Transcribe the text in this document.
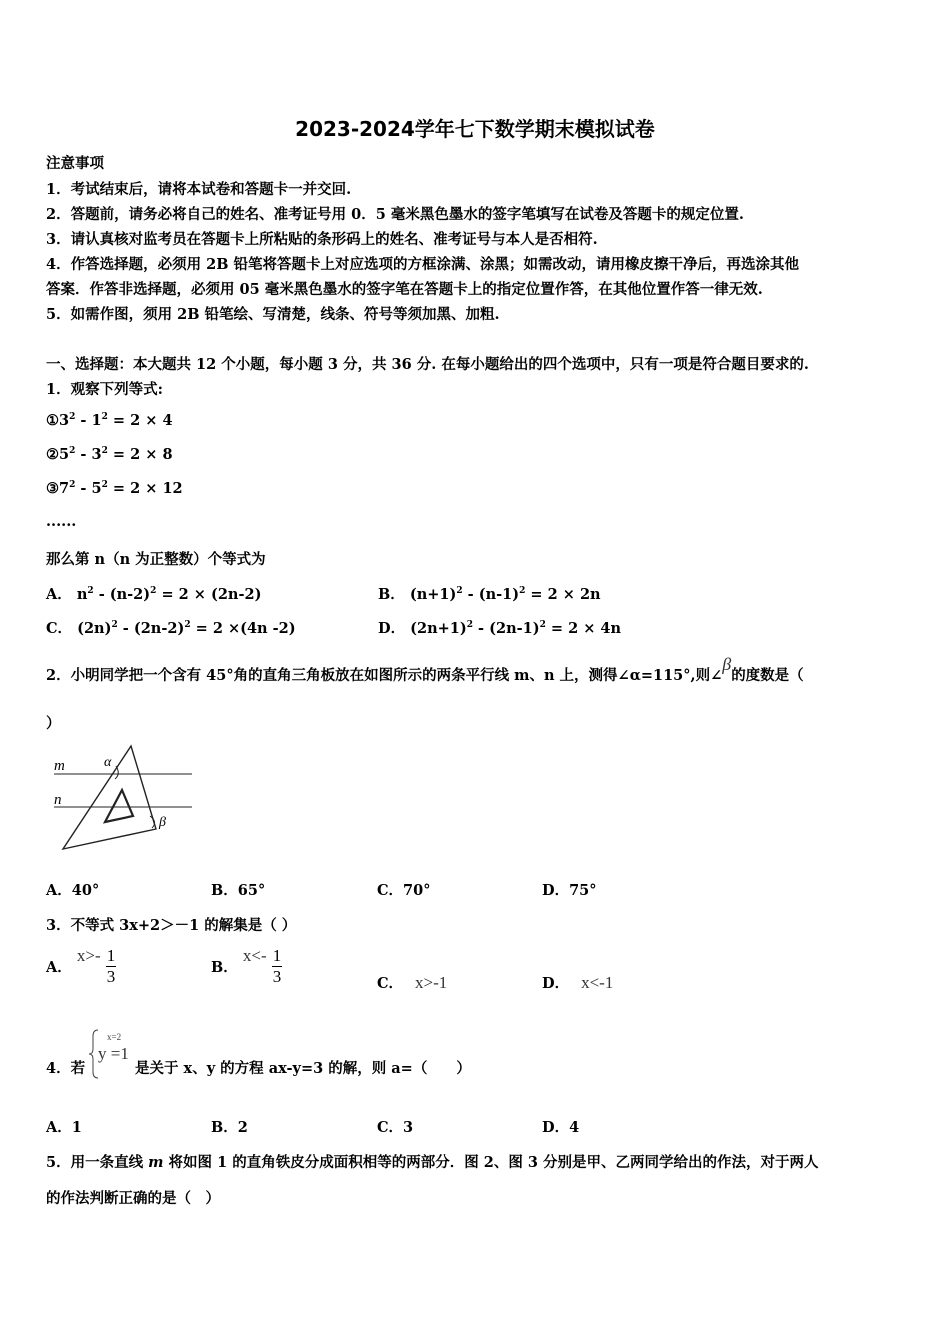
2023-2024学年七下数学期末模拟试卷
注意事项
1．考试结束后，请将本试卷和答题卡一并交回.
2．答题前，请务必将自己的姓名、准考证号用 0．5 毫米黑色墨水的签字笔填写在试卷及答题卡的规定位置.
3．请认真核对监考员在答题卡上所粘贴的条形码上的姓名、准考证号与本人是否相符.
4．作答选择题，必须用 2B 铅笔将答题卡上对应选项的方框涂满、涂黑；如需改动，请用橡皮擦干净后，再选涂其他
答案．作答非选择题，必须用 05 毫米黑色墨水的签字笔在答题卡上的指定位置作答，在其他位置作答一律无效.
5．如需作图，须用 2B 铅笔绘、写清楚，线条、符号等须加黑、加粗.
一、选择题：本大题共 12 个小题，每小题 3 分，共 36 分. 在每小题给出的四个选项中，只有一项是符合题目要求的.
1．观察下列等式:
$①3^2 - 1^2 = 2 \times 4$
$②5^2 - 3^2 = 2 \times 8$
$③7^2 - 5^2 = 2 \times 12$
......
那么第 n（n 为正整数）个等式为
A． $n^2 - (n-2)^2 = 2 \times (2n-2)$	B． $(n+1)^2 - (n-1)^2 = 2 \times 2n$
C． $(2n)^2 - (2n-2)^2 = 2 \times(4n$ -2)	D． $(2n+1)^2 - (2n-1)^2 = 2 \times 4n$
2．小明同学把一个含有 45°角的直角三角板放在如图所示的两条平行线 m、n 上，测得∠α=115°,则∠β的度数是（
）
m
n
α
β
A．40°	B．65°	C．70°	D．75°
3．不等式 3x+2＞－1 的解集是（ ）
A． $x>- \frac{1}{3}$	B． $x<- \frac{1}{3}$	C． x>-1	D． x<-1
4．若
x=2
y =1
是关于 x、y 的方程 ax-y=3 的解，则 a=（　　）
A．1	B．2	C．3	D．4
5．用一条直线 m 将如图 1 的直角铁皮分成面积相等的两部分．图 2、图 3 分别是甲、乙两同学给出的作法，对于两人
的作法判断正确的是（　）
